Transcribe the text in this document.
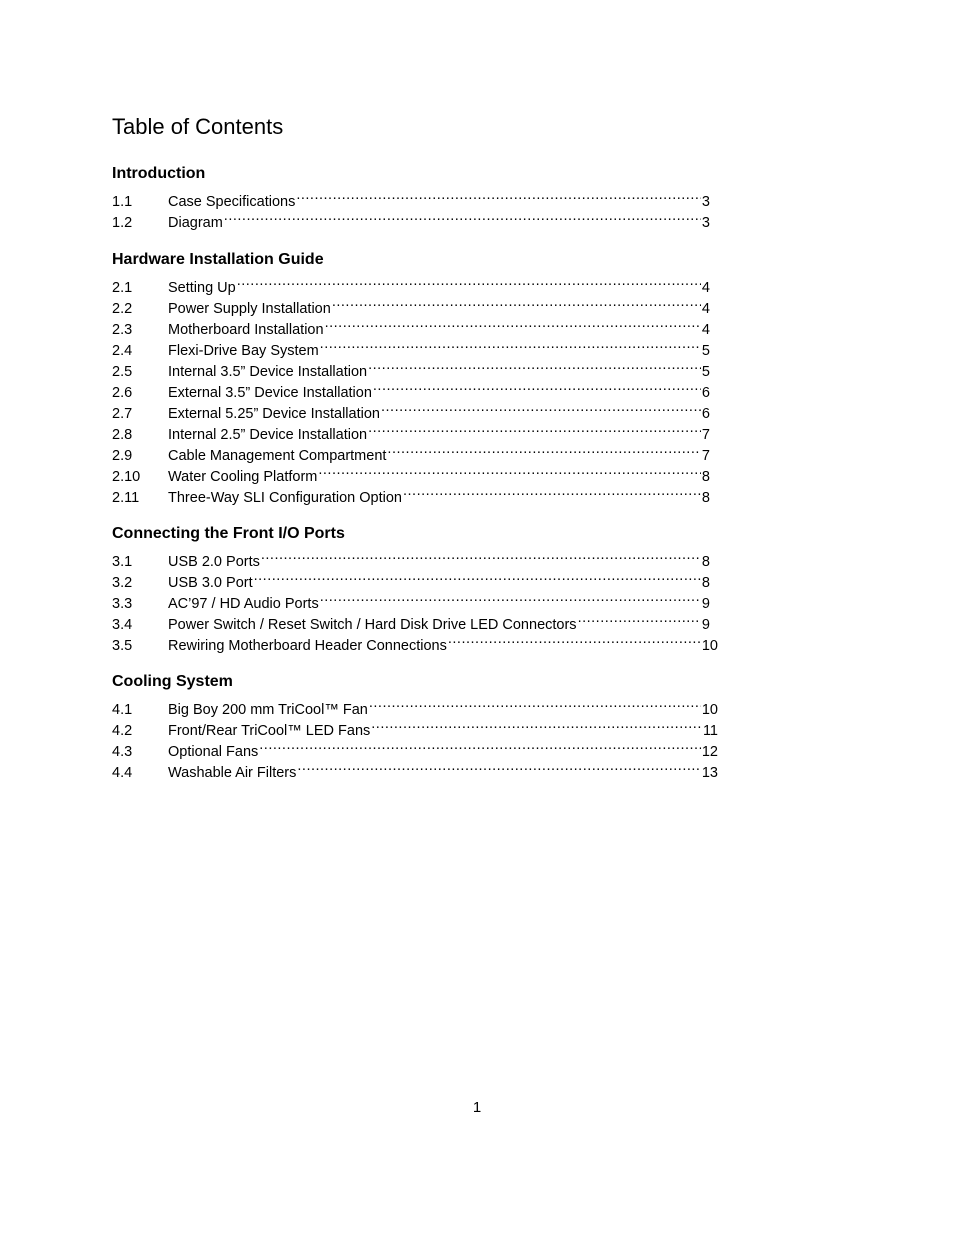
Table of Contents
Introduction
1.1	Case Specifications .....	3
1.2	Diagram .....	3
Hardware Installation Guide
2.1	Setting Up .....	4
2.2	Power Supply Installation .....	4
2.3	Motherboard Installation .....	4
2.4	Flexi-Drive Bay System .....	5
2.5	Internal 3.5” Device Installation .....	5
2.6	External 3.5” Device Installation .....	6
2.7	External 5.25” Device Installation .....	6
2.8	Internal 2.5” Device Installation .....	7
2.9	Cable Management Compartment .....	7
2.10	Water Cooling Platform .....	8
2.11	Three-Way SLI Configuration Option .....	8
Connecting the Front I/O Ports
3.1	USB 2.0 Ports .....	8
3.2	USB 3.0 Port .....	8
3.3	AC’97 / HD Audio Ports .....	9
3.4	Power Switch / Reset Switch / Hard Disk Drive LED Connectors .....	9
3.5	Rewiring Motherboard Header Connections .....	10
Cooling System
4.1	Big Boy 200 mm TriCool™ Fan .....	10
4.2	Front/Rear TriCool™ LED Fans .....	11
4.3	Optional Fans .....	12
4.4	Washable Air Filters .....	13
1
